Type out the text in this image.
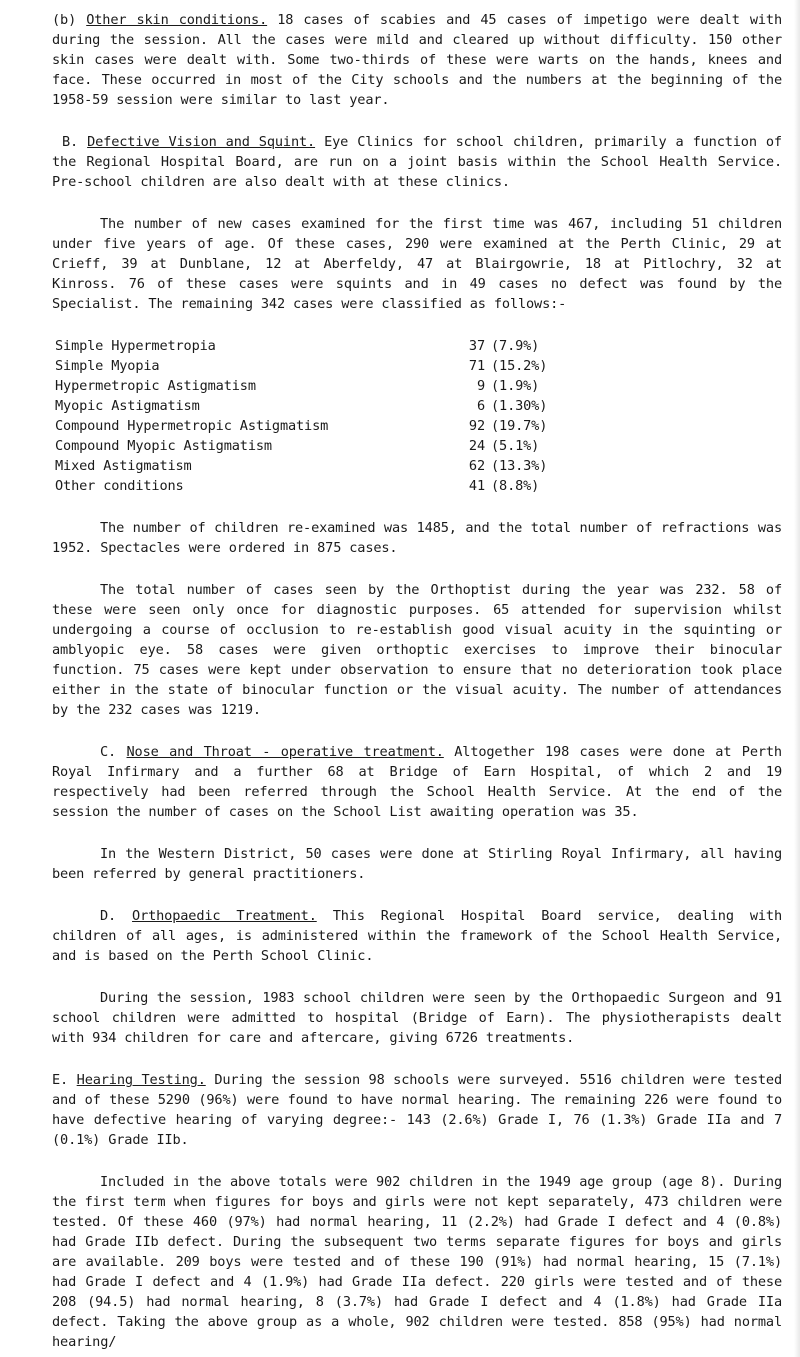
(b) Other skin conditions. 18 cases of scabies and 45 cases of impetigo were dealt with during the session. All the cases were mild and cleared up without difficulty. 150 other skin cases were dealt with. Some two-thirds of these were warts on the hands, knees and face. These occurred in most of the City schools and the numbers at the beginning of the 1958-59 session were similar to last year.

B. Defective Vision and Squint. Eye Clinics for school children, primarily a function of the Regional Hospital Board, are run on a joint basis within the School Health Service. Pre-school children are also dealt with at these clinics.

The number of new cases examined for the first time was 467, including 51 children under five years of age. Of these cases, 290 were examined at the Perth Clinic, 29 at Crieff, 39 at Dunblane, 12 at Aberfeldy, 47 at Blairgowrie, 18 at Pitlochry, 32 at Kinross. 76 of these cases were squints and in 49 cases no defect was found by the Specialist. The remaining 342 cases were classified as follows:-

Simple Hypermetropia	37	(7.9%)
Simple Myopia	71	(15.2%)
Hypermetropic Astigmatism	9	(1.9%)
Myopic Astigmatism	6	(1.30%)
Compound Hypermetropic Astigmatism	92	(19.7%)
Compound Myopic Astigmatism	24	(5.1%)
Mixed Astigmatism	62	(13.3%)
Other conditions	41	(8.8%)

The number of children re-examined was 1485, and the total number of refractions was 1952. Spectacles were ordered in 875 cases.

The total number of cases seen by the Orthoptist during the year was 232. 58 of these were seen only once for diagnostic purposes. 65 attended for supervision whilst undergoing a course of occlusion to re-establish good visual acuity in the squinting or amblyopic eye. 58 cases were given orthoptic exercises to improve their binocular function. 75 cases were kept under observation to ensure that no deterioration took place either in the state of binocular function or the visual acuity. The number of attendances by the 232 cases was 1219.

C. Nose and Throat - operative treatment. Altogether 198 cases were done at Perth Royal Infirmary and a further 68 at Bridge of Earn Hospital, of which 2 and 19 respectively had been referred through the School Health Service. At the end of the session the number of cases on the School List awaiting operation was 35.

In the Western District, 50 cases were done at Stirling Royal Infirmary, all having been referred by general practitioners.

D. Orthopaedic Treatment. This Regional Hospital Board service, dealing with children of all ages, is administered within the framework of the School Health Service, and is based on the Perth School Clinic.

During the session, 1983 school children were seen by the Orthopaedic Surgeon and 91 school children were admitted to hospital (Bridge of Earn). The physiotherapists dealt with 934 children for care and aftercare, giving 6726 treatments.

E. Hearing Testing. During the session 98 schools were surveyed. 5516 children were tested and of these 5290 (96%) were found to have normal hearing. The remaining 226 were found to have defective hearing of varying degree:- 143 (2.6%) Grade I, 76 (1.3%) Grade IIa and 7 (0.1%) Grade IIb.

Included in the above totals were 902 children in the 1949 age group (age 8). During the first term when figures for boys and girls were not kept separately, 473 children were tested. Of these 460 (97%) had normal hearing, 11 (2.2%) had Grade I defect and 4 (0.8%) had Grade IIb defect. During the subsequent two terms separate figures for boys and girls are available. 209 boys were tested and of these 190 (91%) had normal hearing, 15 (7.1%) had Grade I defect and 4 (1.9%) had Grade IIa defect. 220 girls were tested and of these 208 (94.5) had normal hearing, 8 (3.7%) had Grade I defect and 4 (1.8%) had Grade IIa defect. Taking the above group as a whole, 902 children were tested. 858 (95%) had normal hearing/
